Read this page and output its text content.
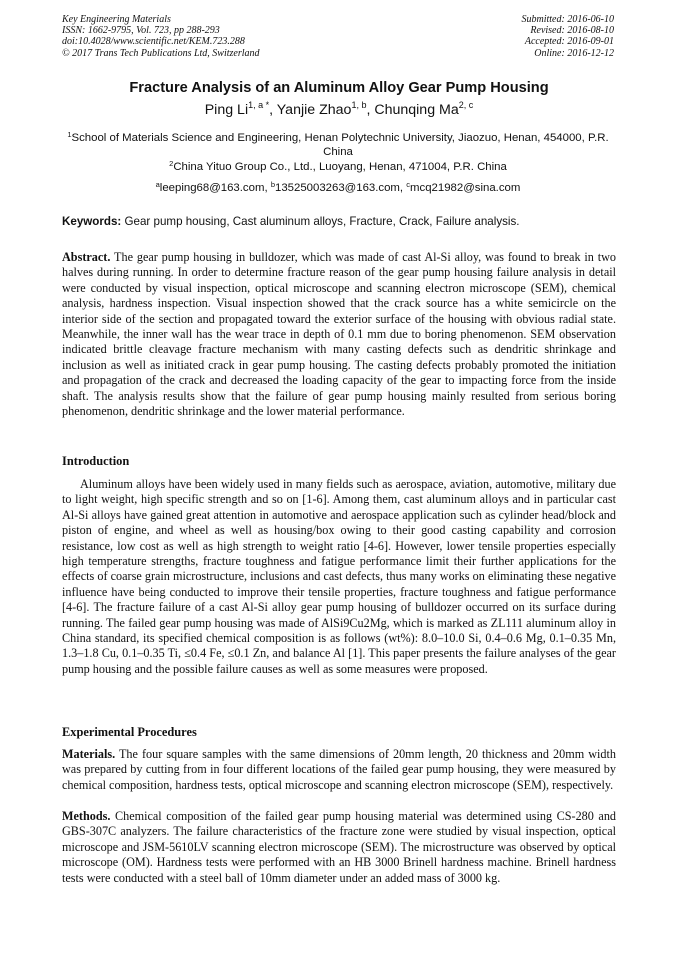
Key Engineering Materials
ISSN: 1662-9795, Vol. 723, pp 288-293
doi:10.4028/www.scientific.net/KEM.723.288
© 2017 Trans Tech Publications Ltd, Switzerland
Submitted: 2016-06-10
Revised: 2016-08-10
Accepted: 2016-09-01
Online: 2016-12-12
Fracture Analysis of an Aluminum Alloy Gear Pump Housing
Ping $Li^{1, a *}$, Yanjie Zhao$^{1, b}$, Chunqing Ma$^{2, c}$
$^1$School of Materials Science and Engineering, Henan Polytechnic University, Jiaozuo, Henan, 454000, P.R. China
$^2$China Yituo Group Co., Ltd., Luoyang, Henan, 471004, P.R. China
$^a$leeping68@163.com, $^b$13525003263@163.com, $^c$mcq21982@sina.com
Keywords: Gear pump housing, Cast aluminum alloys, Fracture, Crack, Failure analysis.
Abstract. The gear pump housing in bulldozer, which was made of cast Al-Si alloy, was found to break in two halves during running. In order to determine fracture reason of the gear pump housing failure analysis in detail were conducted by visual inspection, optical microscope and scanning electron microscope (SEM), chemical analysis, hardness inspection. Visual inspection showed that the crack source has a white semicircle on the interior side of the section and propagated toward the exterior surface of the housing with obvious radial state. Meanwhile, the inner wall has the wear trace in depth of 0.1 mm due to boring phenomenon. SEM observation indicated brittle cleavage fracture mechanism with many casting defects such as dendritic shrinkage and inclusion as well as initiated crack in gear pump housing. The casting defects probably promoted the initiation and propagation of the crack and decreased the loading capacity of the gear to impacting force from the inside shaft. The analysis results show that the failure of gear pump housing mainly resulted from serious boring phenomenon, dendritic shrinkage and the lower material performance.
Introduction
Aluminum alloys have been widely used in many fields such as aerospace, aviation, automotive, military due to light weight, high specific strength and so on [1-6]. Among them, cast aluminum alloys and in particular cast Al-Si alloys have gained great attention in automotive and aerospace application such as cylinder head/block and piston of engine, and wheel as well as housing/box owing to their good casting capability and corrosion resistance, low cost as well as high strength to weight ratio [4-6]. However, lower tensile properties especially high temperature strengths, fracture toughness and fatigue performance limit their further applications for the effects of coarse grain microstructure, inclusions and cast defects, thus many works on eliminating these negative influence have being conducted to improve their tensile properties, fracture toughness and fatigue performance [4-6]. The fracture failure of a cast Al-Si alloy gear pump housing of bulldozer occurred on its surface during running. The failed gear pump housing was made of AlSi9Cu2Mg, which is marked as ZL111 aluminum alloy in China standard, its specified chemical composition is as follows (wt%): 8.0–10.0 Si, 0.4–0.6 Mg, 0.1–0.35 Mn, 1.3–1.8 Cu, 0.1–0.35 Ti, ≤0.4 Fe, ≤0.1 Zn, and balance Al [1]. This paper presents the failure analyses of the gear pump housing and the possible failure causes as well as some measures were proposed.
Experimental Procedures
Materials. The four square samples with the same dimensions of 20mm length, 20 thickness and 20mm width was prepared by cutting from in four different locations of the failed gear pump housing, they were measured by chemical composition, hardness tests, optical microscope and scanning electron microscope (SEM), respectively.
Methods. Chemical composition of the failed gear pump housing material was determined using CS-280 and GBS-307C analyzers. The failure characteristics of the fracture zone were studied by visual inspection, optical microscope and JSM-5610LV scanning electron microscope (SEM). The microstructure was observed by optical microscope (OM). Hardness tests were performed with an HB 3000 Brinell hardness machine. Brinell hardness tests were conducted with a steel ball of 10mm diameter under an added mass of 3000 kg.
